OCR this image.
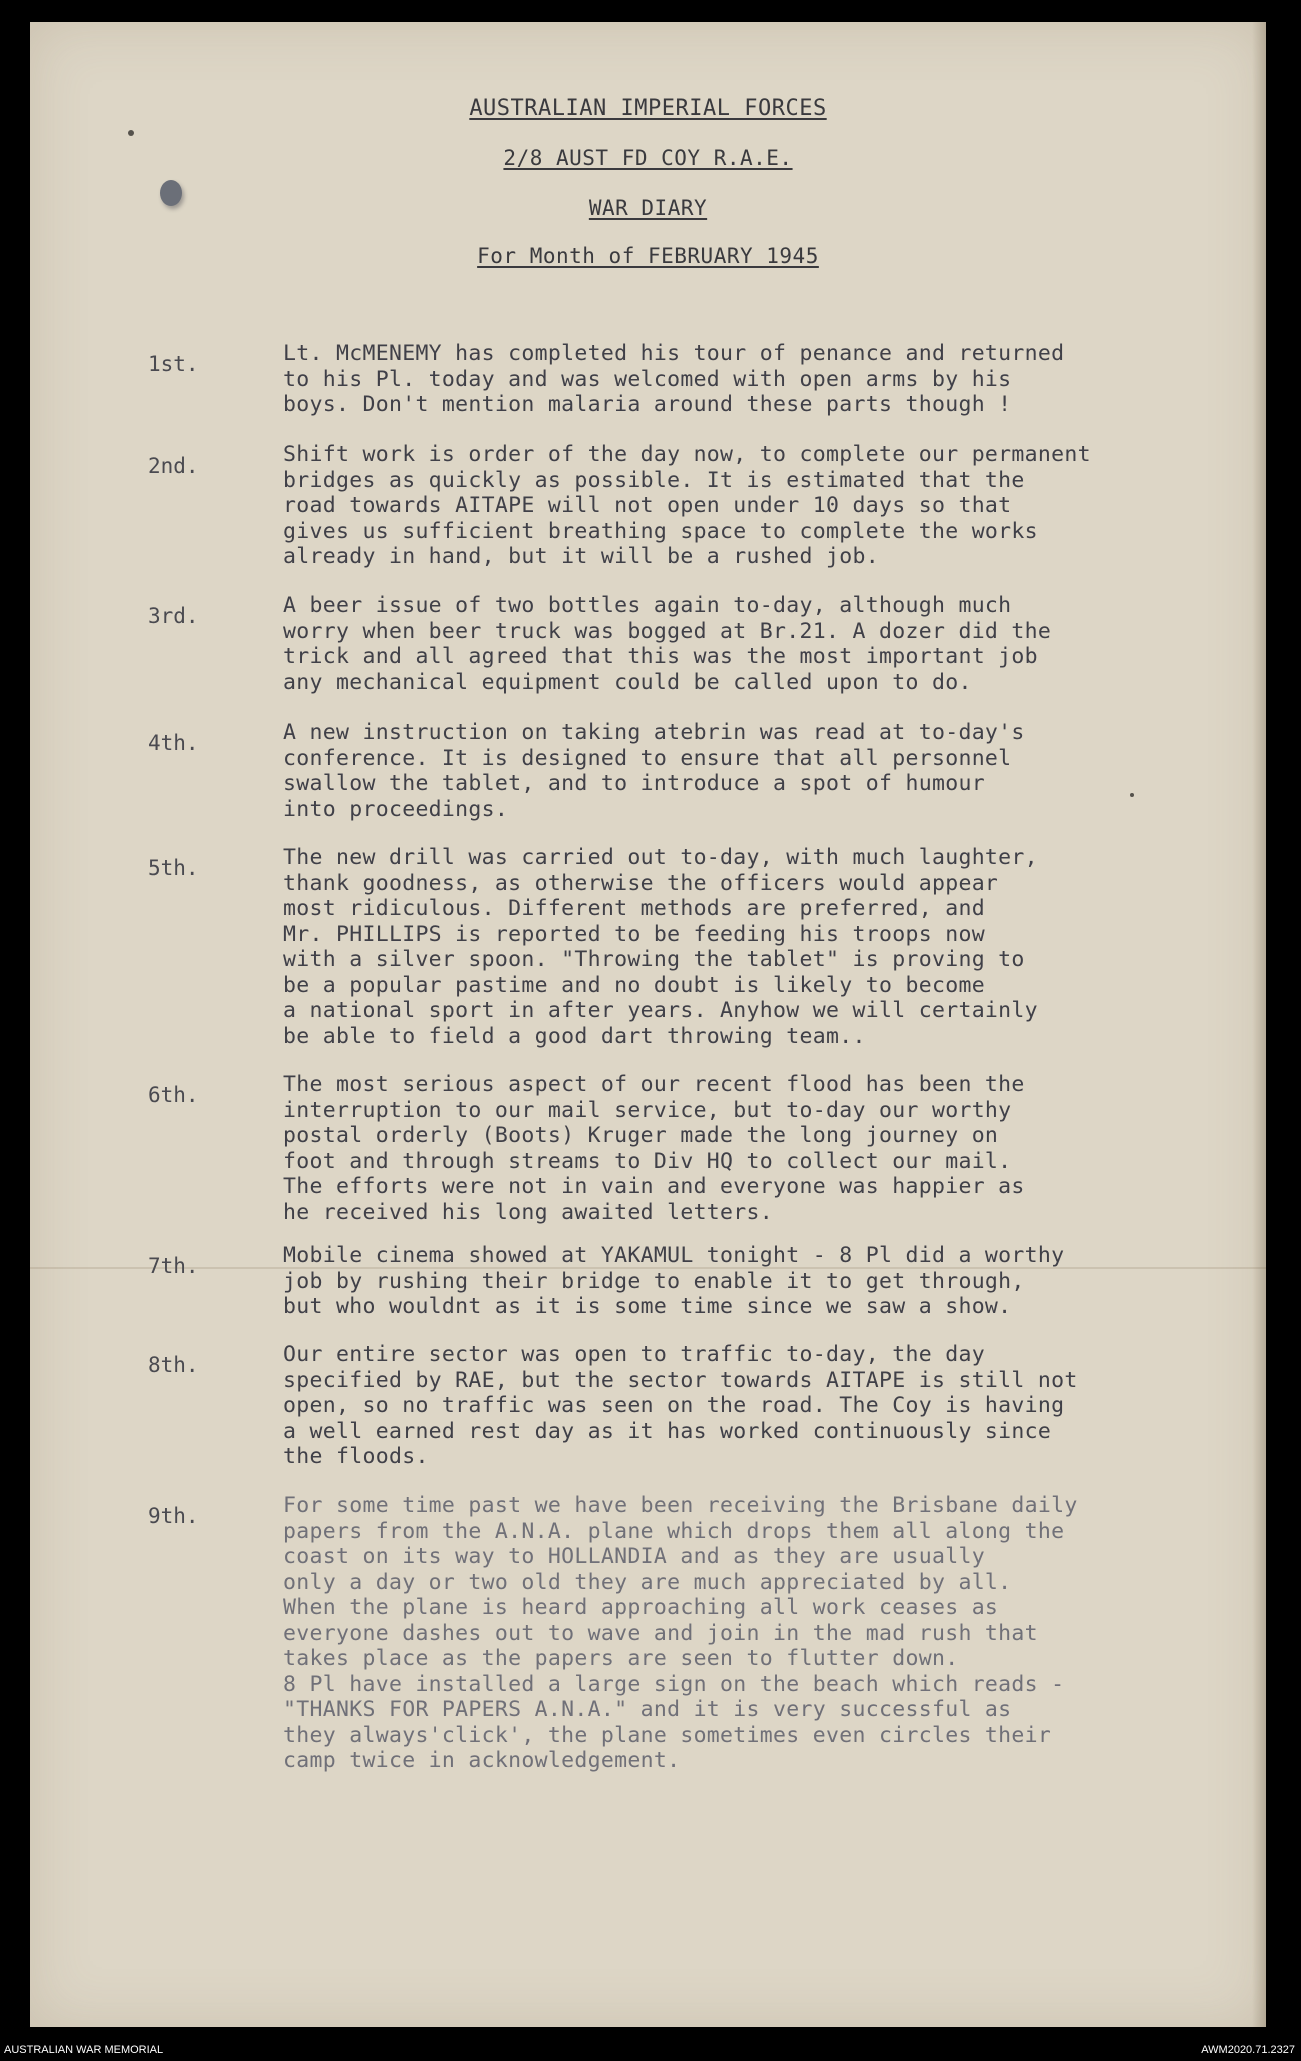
AUSTRALIAN IMPERIAL FORCES
2/8 AUST FD COY R.A.E.
WAR DIARY
For Month of FEBRUARY 1945
1st.	Lt. McMENEMY has completed his tour of penance and returned
to his Pl. today and was welcomed with open arms by his
boys. Don't mention malaria around these parts though !
2nd.	Shift work is order of the day now, to complete our permanent
bridges as quickly as possible. It is estimated that the
road towards AITAPE will not open under 10 days so that
gives us sufficient breathing space to complete the works
already in hand, but it will be a rushed job.
3rd.	A beer issue of two bottles again to-day, although much
worry when beer truck was bogged at Br.21. A dozer did the
trick and all agreed that this was the most important job
any mechanical equipment could be called upon to do.
4th.	A new instruction on taking atebrin was read at to-day's
conference. It is designed to ensure that all personnel
swallow the tablet, and to introduce a spot of humour
into proceedings.
5th.	The new drill was carried out to-day, with much laughter,
thank goodness, as otherwise the officers would appear
most ridiculous. Different methods are preferred, and
Mr. PHILLIPS is reported to be feeding his troops now
with a silver spoon. "Throwing the tablet" is proving to
be a popular pastime and no doubt is likely to become
a national sport in after years. Anyhow we will certainly
be able to field a good dart throwing team..
6th.	The most serious aspect of our recent flood has been the
interruption to our mail service, but to-day our worthy
postal orderly (Boots) Kruger made the long journey on
foot and through streams to Div HQ to collect our mail.
The efforts were not in vain and everyone was happier as
he received his long awaited letters.
7th.	Mobile cinema showed at YAKAMUL tonight - 8 Pl did a worthy
job by rushing their bridge to enable it to get through,
but who wouldnt as it is some time since we saw a show.
8th.	Our entire sector was open to traffic to-day, the day
specified by RAE, but the sector towards AITAPE is still not
open, so no traffic was seen on the road. The Coy is having
a well earned rest day as it has worked continuously since
the floods.
9th.	For some time past we have been receiving the Brisbane daily
papers from the A.N.A. plane which drops them all along the
coast on its way to HOLLANDIA and as they are usually
only a day or two old they are much appreciated by all.
When the plane is heard approaching all work ceases as
everyone dashes out to wave and join in the mad rush that
takes place as the papers are seen to flutter down.
8 Pl have installed a large sign on the beach which reads -
"THANKS FOR PAPERS A.N.A." and it is very successful as
they always'click', the plane sometimes even circles their
camp twice in acknowledgement.
AUSTRALIAN WAR MEMORIAL	AWM2020.71.2327
